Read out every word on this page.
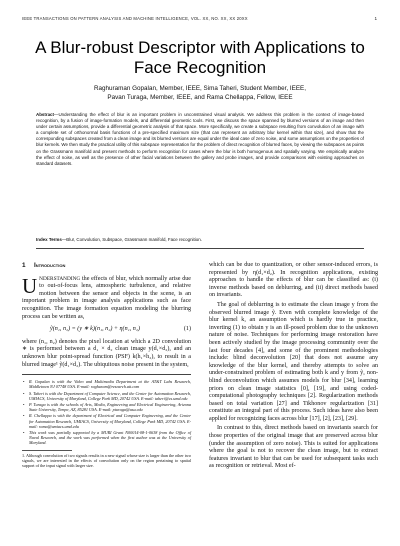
IEEE TRANSACTIONS ON PATTERN ANALYSIS AND MACHINE INTELLIGENCE, VOL. XX, NO. XX, XX 20XX	1
A Blur-robust Descriptor with Applications to
Face Recognition
Raghuraman Gopalan, Member, IEEE, Sima Taheri, Student Member, IEEE,
Pavan Turaga, Member, IEEE, and Rama Chellappa, Fellow, IEEE
Abstract—Understanding the effect of blur is an important problem in unconstrained visual analysis. We address this problem in the context of image-based recognition, by a fusion of image-formation models, and differential geometric tools. First, we discuss the space spanned by blurred versions of an image and then under certain assumptions, provide a differential geometric analysis of that space. More specifically, we create a subspace resulting from convolution of an image with a complete set of orthonormal basis functions of a pre-specified maximum size (that can represent an arbitrary blur kernel within that size), and show that the corresponding subspaces created from a clean image and its blurred versions are equal under the ideal case of zero noise, and some assumptions on the properties of blur kernels. We then study the practical utility of this subspace representation for the problem of direct recognition of blurred faces, by viewing the subspaces as points on the Grassmann manifold and present methods to perform recognition for cases where the blur is both homogenous and spatially varying. We empirically analyze the effect of noise, as well as the presence of other facial variations between the gallery and probe images, and provide comparisons with existing approaches on standard datasets.
Index Terms—Blur, Convolution, Subspace, Grassmann manifold, Face recognition.
1 Introduction

UNDERSTANDING the effects of blur, which normally arise due to out-of-focus lens, atmospheric turbulence, and relative motion between the sensor and objects in the scene, is an important problem in image analysis applications such as face recognition. The image formation equation modeling the blurring process can be written as,

ỹ(n₁, n₂) = (y ∗ k)(n₁, n₂) + η(n₁, n₂)	(1)

where (n₁, n₂) denotes the pixel location at which a 2D convolution ∗ is performed between a d₁ × d₂ clean image y(d₁×d₂), and an unknown blur point-spread function (PSF) k(h₁×h₂), to result in a blurred image¹ ỹ(d₁×d₂). The ubiquitous noise present in the system,

• R. Gopalan is with the Video and Multimedia Department at the AT&T Labs Research, Middletown NJ 07748 USA. E-mail: raghuram@research.att.com
• S. Taheri is with the Department of Computer Science, and the Center for Automation Research, UMIACS, University of Maryland, College Park MD, 20742 USA. E-mail: taheri@cs.umd.edu
• P. Turaga is with the schools of Arts, Media, Engineering and Electrical Engineering, Arizona State University, Tempe, AZ, 85281 USA. E-mail: pturaga@asu.edu
• R. Chellappa is with the department of Electrical and Computer Engineering, and the Center for Automation Research, UMIACS, University of Maryland, College Park MD, 20742 USA. E-mail: rama@umiacs.umd.edu
• This work was partially supported by a MURI Grant N00014-08-1-0638 from the Office of Naval Research, and the work was performed when the first author was at the University of Maryland.
1. Although convolution of two signals results in a new signal whose size is larger than the other two signals, we are interested in the effects of convolution only on the region pertaining to spatial support of the input signal with larger size.

which can be due to quantization, or other sensor-induced errors, is represented by η(d₁×d₂). In recognition applications, existing approaches to handle the effects of blur can be classified as: (i) inverse methods based on deblurring, and (ii) direct methods based on invariants.

The goal of deblurring is to estimate the clean image y from the observed blurred image ỹ. Even with complete knowledge of the blur kernel k, an assumption which is hardly true in practice, inverting (1) to obtain y is an ill-posed problem due to the unknown nature of noise. Techniques for performing image restoration have been actively studied by the image processing community over the last four decades [4], and some of the prominent methodologies include: blind deconvolution [20] that does not assume any knowledge of the blur kernel, and thereby attempts to solve an under-constrained problem of estimating both k and y from ỹ, non-blind deconvolution which assumes models for blur [34], learning priors on clean image statistics [0], [19], and using coded-computational photography techniques [2]. Regularization methods based on total variation [27] and Tikhonov regularization [31] constitute an integral part of this process. Such ideas have also been applied for recognizing faces across blur [17], [2], [23], [29].

In contrast to this, direct methods based on invariants search for those properties of the original image that are preserved across blur (under the assumption of zero noise). This is suited for applications where the goal is not to recover the clean image, but to extract features invariant to blur that can be used for subsequent tasks such as recognition or retrieval. Most ef-
